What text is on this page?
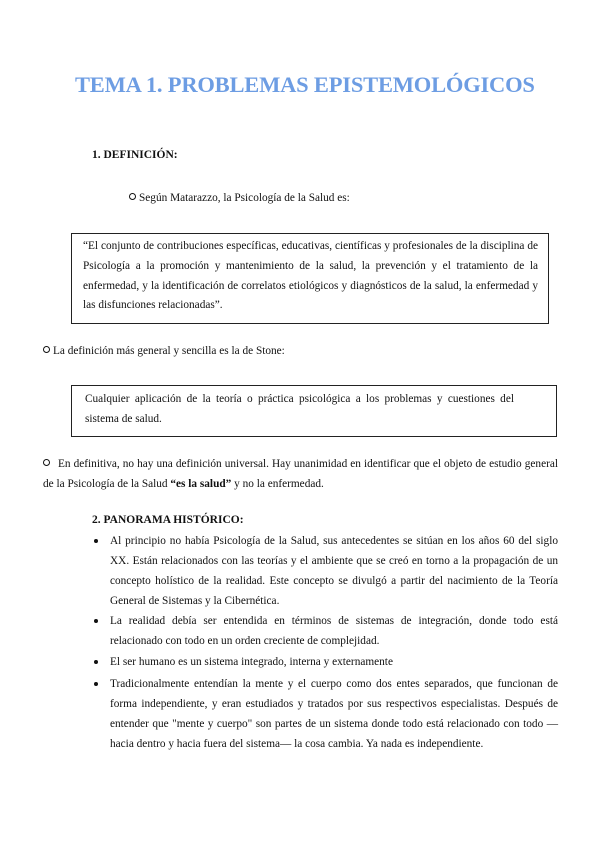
TEMA 1. PROBLEMAS EPISTEMOLÓGICOS
1. DEFINICIÓN:
Según Matarazzo, la Psicología de la Salud es:
“El conjunto de contribuciones específicas, educativas, científicas y profesionales de la disciplina de Psicología a la promoción y mantenimiento de la salud, la prevención y el tratamiento de la enfermedad, y la identificación de correlatos etiológicos y diagnósticos de la salud, la enfermedad y las disfunciones relacionadas”.
La definición más general y sencilla es la de Stone:
Cualquier aplicación de la teoría o práctica psicológica a los problemas y cuestiones del sistema de salud.
En definitiva, no hay una definición universal. Hay unanimidad en identificar que el objeto de estudio general de la Psicología de la Salud “es la salud” y no la enfermedad.
2. PANORAMA HISTÓRICO:
Al principio no había Psicología de la Salud, sus antecedentes se sitúan en los años 60 del siglo XX. Están relacionados con las teorías y el ambiente que se creó en torno a la propagación de un concepto holístico de la realidad. Este concepto se divulgó a partir del nacimiento de la Teoría General de Sistemas y la Cibernética.
La realidad debía ser entendida en términos de sistemas de integración, donde todo está relacionado con todo en un orden creciente de complejidad.
El ser humano es un sistema integrado, interna y externamente
Tradicionalmente entendían la mente y el cuerpo como dos entes separados, que funcionan de forma independiente, y eran estudiados y tratados por sus respectivos especialistas. Después de entender que "mente y cuerpo" son partes de un sistema donde todo está relacionado con todo —hacia dentro y hacia fuera del sistema— la cosa cambia. Ya nada es independiente.
